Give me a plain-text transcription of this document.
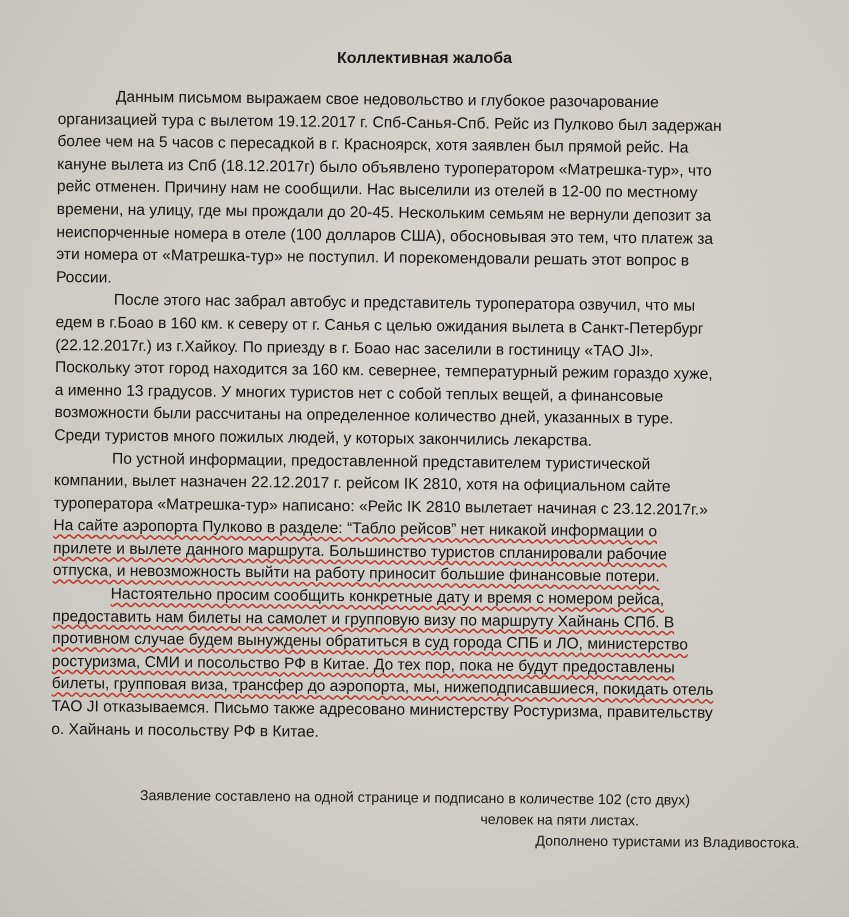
Коллективная жалоба
Данным письмом выражаем свое недовольство и глубокое разочарование
организацией тура с вылетом 19.12.2017 г. Спб-Санья-Спб. Рейс из Пулково был задержан
более чем на 5 часов с пересадкой в г. Красноярск, хотя заявлен был прямой рейс. На
кануне вылета из Спб (18.12.2017г) было объявлено туроператором «Матрешка-тур», что
рейс отменен. Причину нам не сообщили. Нас выселили из отелей в 12-00 по местному
времени, на улицу, где мы прождали до 20-45. Нескольким семьям не вернули депозит за
неиспорченные номера в отеле (100 долларов США), обосновывая это тем, что платеж за
эти номера от «Матрешка-тур» не поступил. И порекомендовали решать этот вопрос в
России.
После этого нас забрал автобус и представитель туроператора озвучил, что мы
едем в г.Боао в 160 км. к северу от г. Санья с целью ожидания вылета в Санкт-Петербург
(22.12.2017г.) из г.Хайкоу. По приезду в г. Боао нас заселили в гостиницу «TAO JI».
Поскольку этот город находится за 160 км. севернее, температурный режим гораздо хуже,
а именно 13 градусов. У многих туристов нет с собой теплых вещей, а финансовые
возможности были рассчитаны на определенное количество дней, указанных в туре.
Среди туристов много пожилых людей, у которых закончились лекарства.
По устной информации, предоставленной представителем туристической
компании, вылет назначен 22.12.2017 г. рейсом IK 2810, хотя на официальном сайте
туроператора «Матрешка-тур» написано: «Рейс IK 2810 вылетает начиная с 23.12.2017г.»
На сайте аэропорта Пулково в разделе: “Табло рейсов” нет никакой информации о
прилете и вылете данного маршрута. Большинство туристов спланировали рабочие
отпуска, и невозможность выйти на работу приносит большие финансовые потери.
Настоятельно просим сообщить конкретные дату и время с номером рейса,
предоставить нам билеты на самолет и групповую визу по маршруту Хайнань СПб. В
противном случае будем вынуждены обратиться в суд города СПБ и ЛО, министерство
ростуризма, СМИ и посольство РФ в Китае. До тех пор, пока не будут предоставлены
билеты, групповая виза, трансфер до аэропорта, мы, нижеподписавшиеся, покидать отель
TAO JI отказываемся. Письмо также адресовано министерству Ростуризма, правительству
о. Хайнань и посольству РФ в Китае.
Заявление составлено на одной странице и подписано в количестве 102 (сто двух)
человек на пяти листах.
Дополнено туристами из Владивостока.
